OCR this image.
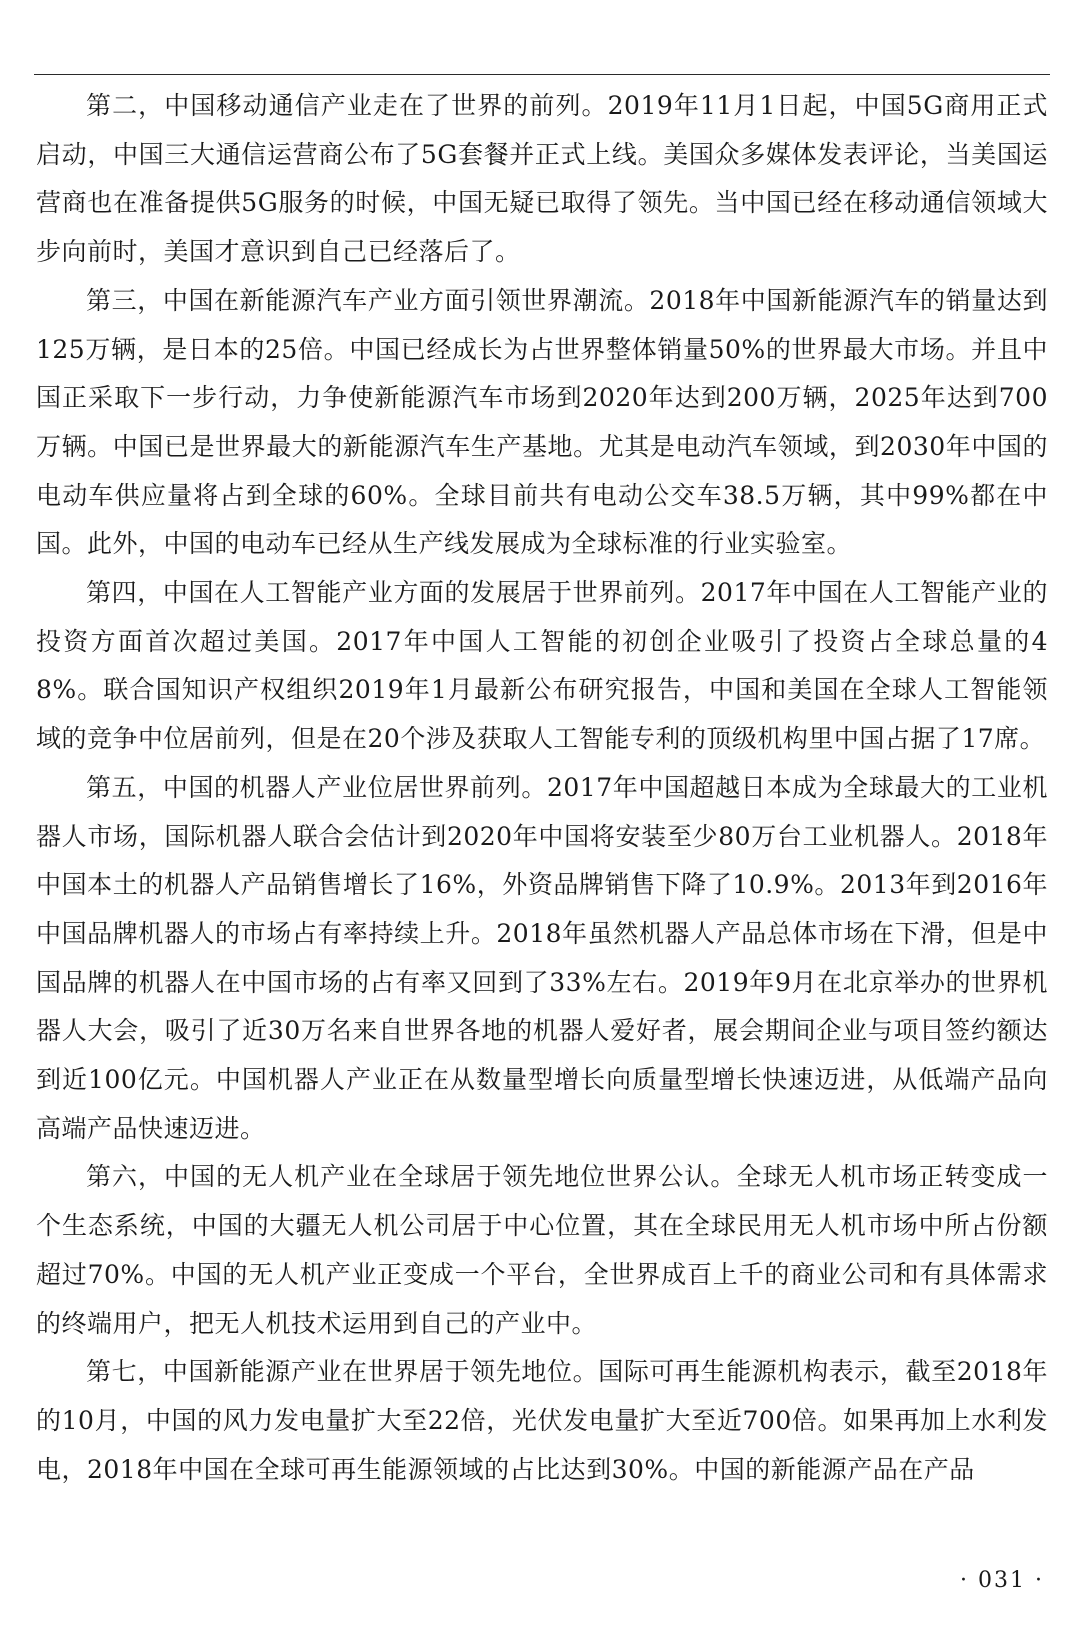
第二，中国移动通信产业走在了世界的前列。2019年11月1日起，中国5G商用正式启动，中国三大通信运营商公布了5G套餐并正式上线。美国众多媒体发表评论，当美国运营商也在准备提供5G服务的时候，中国无疑已取得了领先。当中国已经在移动通信领域大步向前时，美国才意识到自己已经落后了。

第三，中国在新能源汽车产业方面引领世界潮流。2018年中国新能源汽车的销量达到125万辆，是日本的25倍。中国已经成长为占世界整体销量50%的世界最大市场。并且中国正采取下一步行动，力争使新能源汽车市场到2020年达到200万辆，2025年达到700万辆。中国已是世界最大的新能源汽车生产基地。尤其是电动汽车领域，到2030年中国的电动车供应量将占到全球的60%。全球目前共有电动公交车38.5万辆，其中99%都在中国。此外，中国的电动车已经从生产线发展成为全球标准的行业实验室。

第四，中国在人工智能产业方面的发展居于世界前列。2017年中国在人工智能产业的投资方面首次超过美国。2017年中国人工智能的初创企业吸引了投资占全球总量的48%。联合国知识产权组织2019年1月最新公布研究报告，中国和美国在全球人工智能领域的竞争中位居前列，但是在20个涉及获取人工智能专利的顶级机构里中国占据了17席。

第五，中国的机器人产业位居世界前列。2017年中国超越日本成为全球最大的工业机器人市场，国际机器人联合会估计到2020年中国将安装至少80万台工业机器人。2018年中国本土的机器人产品销售增长了16%，外资品牌销售下降了10.9%。2013年到2016年中国品牌机器人的市场占有率持续上升。2018年虽然机器人产品总体市场在下滑，但是中国品牌的机器人在中国市场的占有率又回到了33%左右。2019年9月在北京举办的世界机器人大会，吸引了近30万名来自世界各地的机器人爱好者，展会期间企业与项目签约额达到近100亿元。中国机器人产业正在从数量型增长向质量型增长快速迈进，从低端产品向高端产品快速迈进。

第六，中国的无人机产业在全球居于领先地位世界公认。全球无人机市场正转变成一个生态系统，中国的大疆无人机公司居于中心位置，其在全球民用无人机市场中所占份额超过70%。中国的无人机产业正变成一个平台，全世界成百上千的商业公司和有具体需求的终端用户，把无人机技术运用到自己的产业中。

第七，中国新能源产业在世界居于领先地位。国际可再生能源机构表示，截至2018年的10月，中国的风力发电量扩大至22倍，光伏发电量扩大至近700倍。如果再加上水利发电，2018年中国在全球可再生能源领域的占比达到30%。中国的新能源产品在产品

· 031 ·
